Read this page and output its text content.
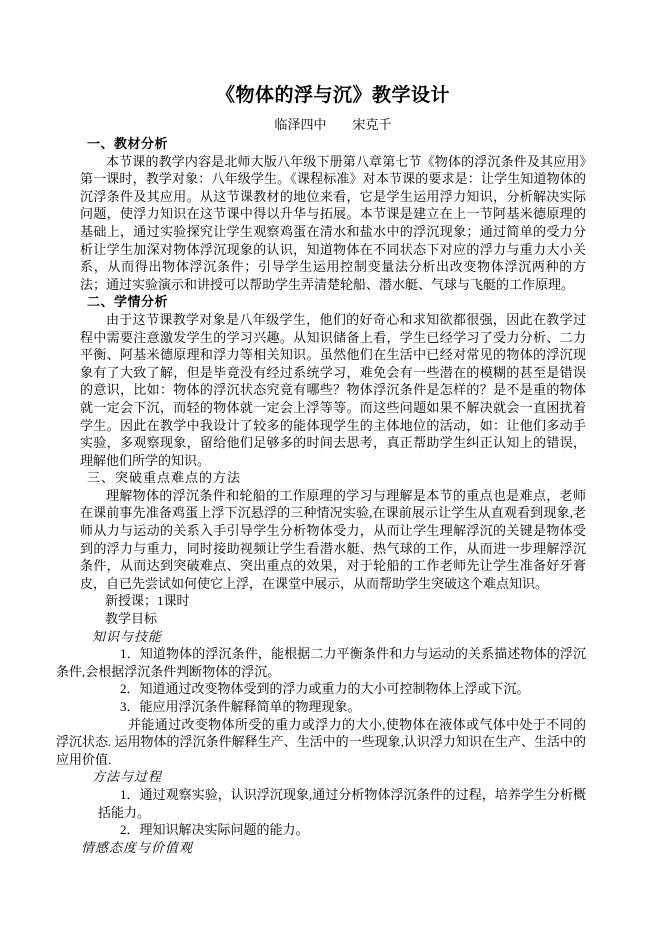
《物体的浮与沉》教学设计
临泽四中 宋克千

一、教材分析

本节课的教学内容是北师大版八年级下册第八章第七节《物体的浮沉条件及其应用》第一课时，教学对象：八年级学生。《课程标准》对本节课的要求是：让学生知道物体的沉浮条件及其应用。从这节课教材的地位来看，它是学生运用浮力知识，分析解决实际问题，使浮力知识在这节课中得以升华与拓展。本节课是建立在上一节阿基米德原理的基础上，通过实验探究让学生观察鸡蛋在清水和盐水中的浮沉现象；通过简单的受力分析让学生加深对物体浮沉现象的认识，知道物体在不同状态下对应的浮力与重力大小关系，从而得出物体浮沉条件；引导学生运用控制变量法分析出改变物体浮沉两种的方法；通过实验演示和讲授可以帮助学生弄清楚轮船、潜水艇、气球与飞艇的工作原理。

二、学情分析

由于这节课教学对象是八年级学生，他们的好奇心和求知欲都很强，因此在教学过程中需要注意激发学生的学习兴趣。从知识储备上看，学生已经学习了受力分析、二力平衡、阿基米德原理和浮力等相关知识。虽然他们在生活中已经对常见的物体的浮沉现象有了大致了解，但是毕竟没有经过系统学习，难免会有一些潜在的模糊的甚至是错误的意识，比如：物体的浮沉状态究竟有哪些？物体浮沉条件是怎样的？是不是重的物体就一定会下沉，而轻的物体就一定会上浮等等。而这些问题如果不解决就会一直困扰着学生。因此在教学中我设计了较多的能体现学生的主体地位的活动，如：让他们多动手实验，多观察现象，留给他们足够多的时间去思考，真正帮助学生纠正认知上的错误，理解他们所学的知识。

三、突破重点难点的方法

理解物体的浮沉条件和轮船的工作原理的学习与理解是本节的重点也是难点，老师在课前事先准备鸡蛋上浮下沉悬浮的三种情况实验,在课前展示让学生从直观看到现象,老师从力与运动的关系入手引导学生分析物体受力，从而让学生理解浮沉的关键是物体受到的浮力与重力，同时接助视频让学生看潜水艇、热气球的工作，从而进一步理解浮沉条件，从而达到突破难点、突出重点的效果，对于轮船的工作老师先让学生准备好牙膏皮，自已先尝试如何使它上浮，在课堂中展示，从而帮助学生突破这个难点知识。

新授课；1课时

教学目标

知识与技能

1．知道物体的浮沉条件，能根据二力平衡条件和力与运动的关系描述物体的浮沉条件,会根据浮沉条件判断物体的浮沉。

2．知道通过改变物体受到的浮力或重力的大小可控制物体上浮或下沉。

3．能应用浮沉条件解释简单的物理现象。

并能通过改变物体所受的重力或浮力的大小,使物体在液体或气体中处于不同的浮沉状态. 运用物体的浮沉条件解释生产、生活中的一些现象,认识浮力知识在生产、生活中的应用价值.

方法与过程

1．通过观察实验，认识浮沉现象,通过分析物体浮沉条件的过程，培养学生分析概括能力。

2．理知识解决实际问题的能力。

情感态度与价值观
